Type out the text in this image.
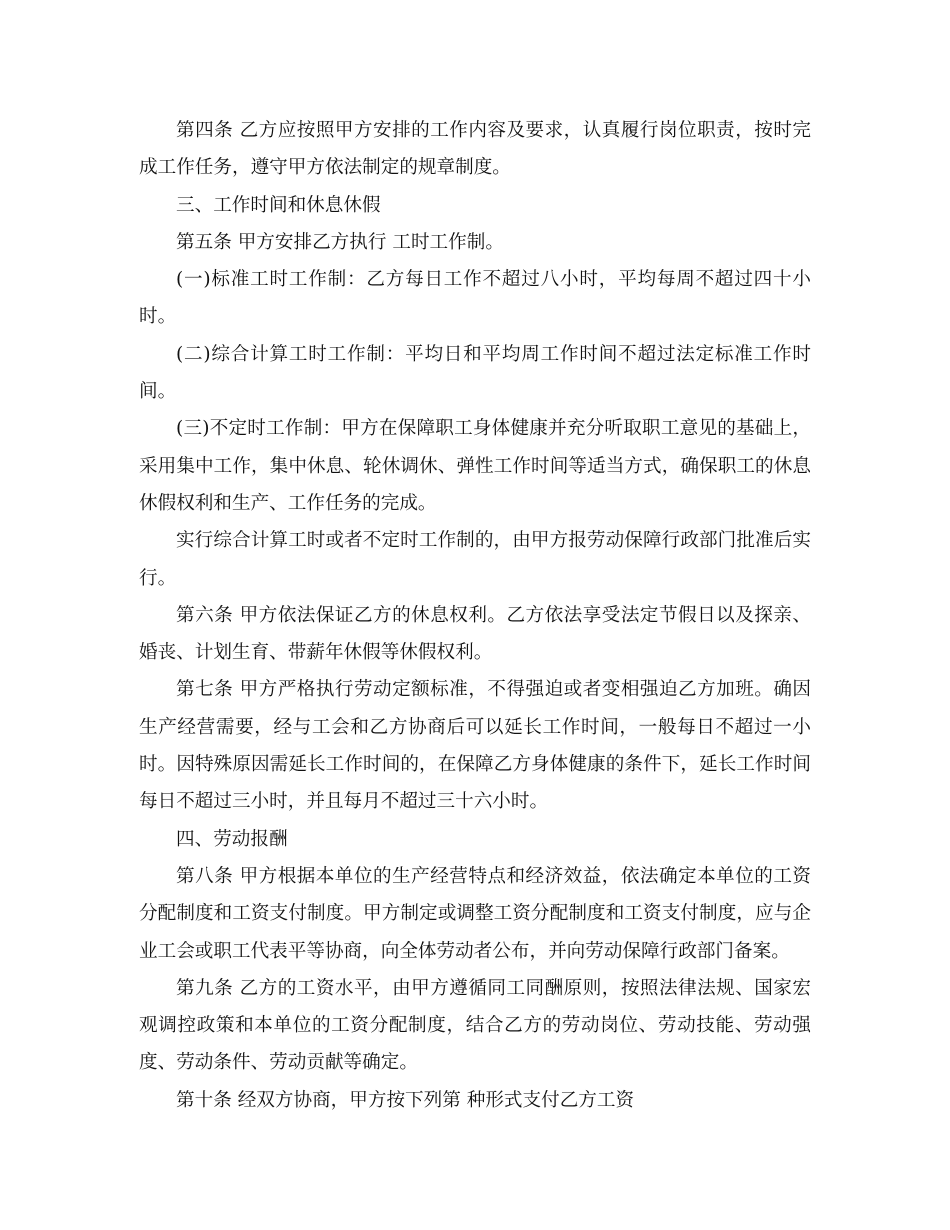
第四条 乙方应按照甲方安排的工作内容及要求，认真履行岗位职责，按时完成工作任务，遵守甲方依法制定的规章制度。

三、工作时间和休息休假

第五条 甲方安排乙方执行 工时工作制。

(一)标准工时工作制：乙方每日工作不超过八小时，平均每周不超过四十小时。

(二)综合计算工时工作制：平均日和平均周工作时间不超过法定标准工作时间。

(三)不定时工作制：甲方在保障职工身体健康并充分听取职工意见的基础上，采用集中工作，集中休息、轮休调休、弹性工作时间等适当方式，确保职工的休息休假权利和生产、工作任务的完成。

实行综合计算工时或者不定时工作制的，由甲方报劳动保障行政部门批准后实行。

第六条 甲方依法保证乙方的休息权利。乙方依法享受法定节假日以及探亲、婚丧、计划生育、带薪年休假等休假权利。

第七条 甲方严格执行劳动定额标准，不得强迫或者变相强迫乙方加班。确因生产经营需要，经与工会和乙方协商后可以延长工作时间，一般每日不超过一小时。因特殊原因需延长工作时间的，在保障乙方身体健康的条件下，延长工作时间每日不超过三小时，并且每月不超过三十六小时。

四、劳动报酬

第八条 甲方根据本单位的生产经营特点和经济效益，依法确定本单位的工资分配制度和工资支付制度。甲方制定或调整工资分配制度和工资支付制度，应与企业工会或职工代表平等协商，向全体劳动者公布，并向劳动保障行政部门备案。

第九条 乙方的工资水平，由甲方遵循同工同酬原则，按照法律法规、国家宏观调控政策和本单位的工资分配制度，结合乙方的劳动岗位、劳动技能、劳动强度、劳动条件、劳动贡献等确定。

第十条 经双方协商，甲方按下列第 种形式支付乙方工资
